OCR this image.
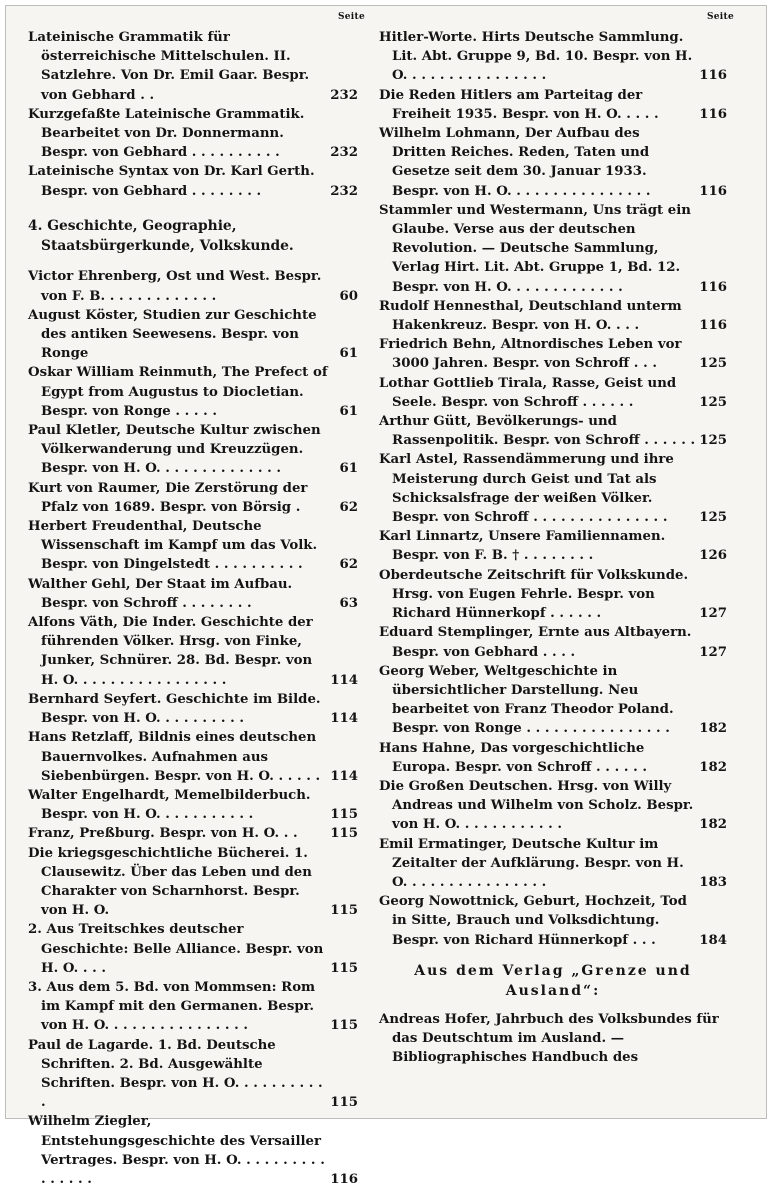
Seite
Lateinische Grammatik für österreichische Mittelschulen. II. Satzlehre. Von Dr. Emil Gaar. Bespr. von Gebhard . .	232
Kurzgefaßte Lateinische Grammatik. Bearbeitet von Dr. Donnermann. Bespr. von Gebhard . . . . . . . . . .	232
Lateinische Syntax von Dr. Karl Gerth. Bespr. von Gebhard . . . . . . . .	232
4. Geschichte, Geographie, Staatsbürgerkunde, Volkskunde.
Victor Ehrenberg, Ost und West. Bespr. von F. B. . . . . . . . . . . . .	60
August Köster, Studien zur Geschichte des antiken Seewesens. Bespr. von Ronge	61
Oskar William Reinmuth, The Prefect of Egypt from Augustus to Diocletian. Bespr. von Ronge . . . . .	61
Paul Kletler, Deutsche Kultur zwischen Völkerwanderung und Kreuzzügen. Bespr. von H. O. . . . . . . . . . . . . .	61
Kurt von Raumer, Die Zerstörung der Pfalz von 1689. Bespr. von Börsig .	62
Herbert Freudenthal, Deutsche Wissenschaft im Kampf um das Volk. Bespr. von Dingelstedt . . . . . . . . . .	62
Walther Gehl, Der Staat im Aufbau. Bespr. von Schroff . . . . . . . .	63
Alfons Väth, Die Inder. Geschichte der führenden Völker. Hrsg. von Finke, Junker, Schnürer. 28. Bd. Bespr. von H. O. . . . . . . . . . . . . . . . .	114
Bernhard Seyfert. Geschichte im Bilde. Bespr. von H. O. . . . . . . . . .	114
Hans Retzlaff, Bildnis eines deutschen Bauernvolkes. Aufnahmen aus Siebenbürgen. Bespr. von H. O. . . . . . 114
Walter Engelhardt, Memelbilderbuch. Bespr. von H. O. . . . . . . . . . .	115
Franz, Preßburg. Bespr. von H. O. . . 115
Die kriegsgeschichtliche Bücherei. 1. Clausewitz. Über das Leben und den Charakter von Scharnhorst. Bespr. von H. O.	115
2. Aus Treitschkes deutscher Geschichte: Belle Alliance. Bespr. von H. O. . . .	115
3. Aus dem 5. Bd. von Mommsen: Rom im Kampf mit den Germanen. Bespr. von H. O. . . . . . . . . . . . . . . .	115
Paul de Lagarde. 1. Bd. Deutsche Schriften. 2. Bd. Ausgewählte Schriften. Bespr. von H. O. . . . . . . . . . .	115
Wilhelm Ziegler, Entstehungsgeschichte des Versailler Vertrages. Bespr. von H. O. . . . . . . . . . . . . . . .	116
Seite
Hitler-Worte. Hirts Deutsche Sammlung. Lit. Abt. Gruppe 9, Bd. 10. Bespr. von H. O. . . . . . . . . . . . . . . .	116
Die Reden Hitlers am Parteitag der Freiheit 1935. Bespr. von H. O. . . . .	116
Wilhelm Lohmann, Der Aufbau des Dritten Reiches. Reden, Taten und Gesetze seit dem 30. Januar 1933. Bespr. von H. O. . . . . . . . . . . . . . . .	116
Stammler und Westermann, Uns trägt ein Glaube. Verse aus der deutschen Revolution. — Deutsche Sammlung, Verlag Hirt. Lit. Abt. Gruppe 1, Bd. 12. Bespr. von H. O. . . . . . . . . . . . .	116
Rudolf Hennesthal, Deutschland unterm Hakenkreuz. Bespr. von H. O. . . .	116
Friedrich Behn, Altnordisches Leben vor 3000 Jahren. Bespr. von Schroff . . .	125
Lothar Gottlieb Tirala, Rasse, Geist und Seele. Bespr. von Schroff . . . . . .	125
Arthur Gütt, Bevölkerungs- und Rassenpolitik. Bespr. von Schroff . . . . . . 125
Karl Astel, Rassendämmerung und ihre Meisterung durch Geist und Tat als Schicksalsfrage der weißen Völker. Bespr. von Schroff . . . . . . . . . . . . . . . 125
Karl Linnartz, Unsere Familiennamen. Bespr. von F. B. † . . . . . . . .	126
Oberdeutsche Zeitschrift für Volkskunde. Hrsg. von Eugen Fehrle. Bespr. von Richard Hünnerkopf . . . . . .	127
Eduard Stemplinger, Ernte aus Altbayern. Bespr. von Gebhard . . . .	127
Georg Weber, Weltgeschichte in übersichtlicher Darstellung. Neu bearbeitet von Franz Theodor Poland. Bespr. von Ronge . . . . . . . . . . . . . . . . 182
Hans Hahne, Das vorgeschichtliche Europa. Bespr. von Schroff . . . . . .	182
Die Großen Deutschen. Hrsg. von Willy Andreas und Wilhelm von Scholz. Bespr. von H. O. . . . . . . . . . . .	182
Emil Ermatinger, Deutsche Kultur im Zeitalter der Aufklärung. Bespr. von H. O. . . . . . . . . . . . . . . .	183
Georg Nowottnick, Geburt, Hochzeit, Tod in Sitte, Brauch und Volksdichtung. Bespr. von Richard Hünnerkopf . . .	184
Aus dem Verlag „Grenze und Ausland“:
Andreas Hofer, Jahrbuch des Volksbundes für das Deutschtum im Ausland. — Bibliographisches Handbuch des
